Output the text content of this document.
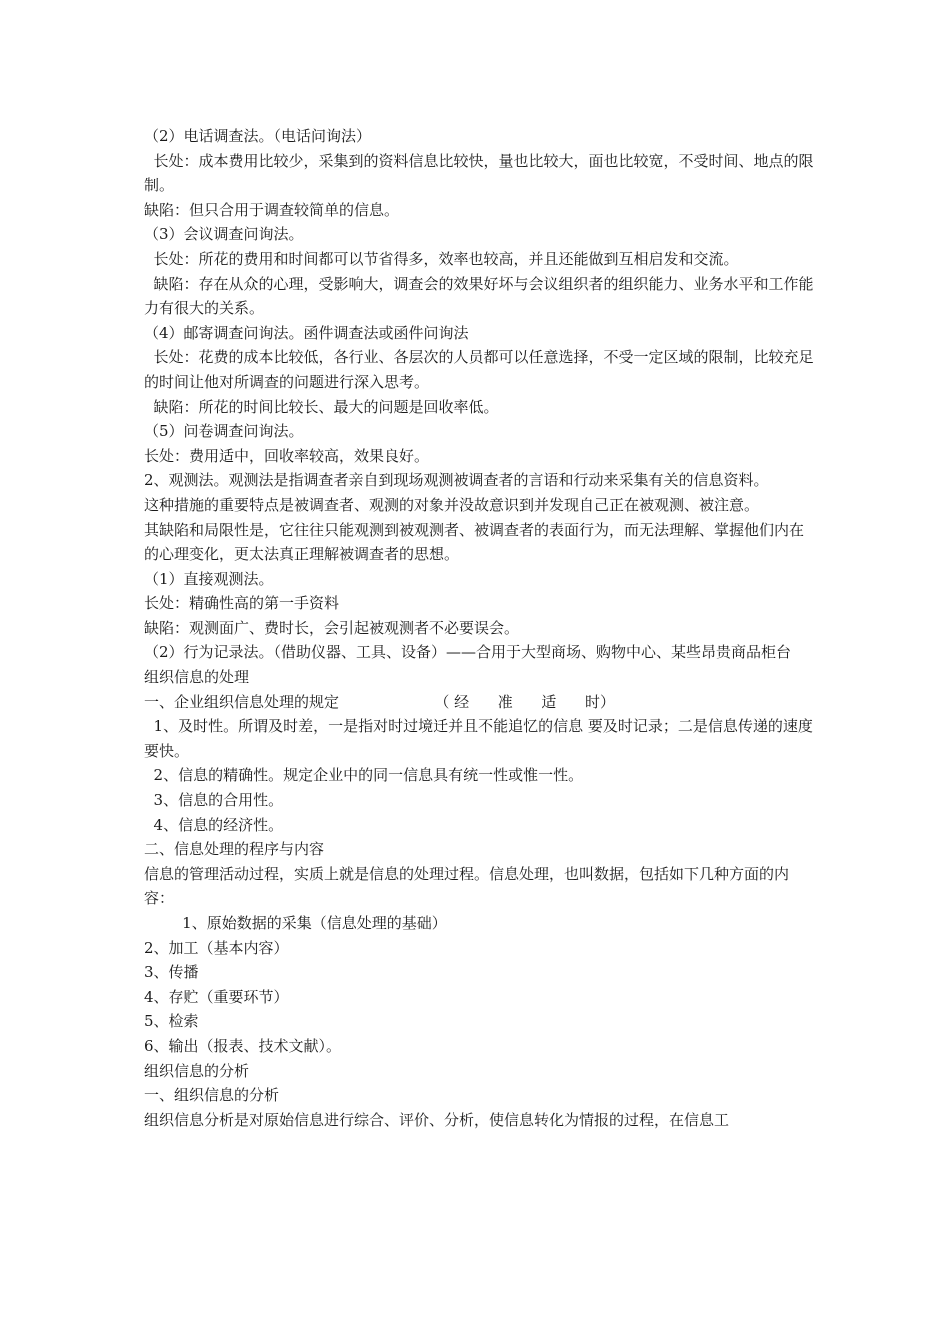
（2）电话调查法。（电话问询法）

长处：成本费用比较少，采集到的资料信息比较快，量也比较大，面也比较宽，不受时间、地点的限制。

缺陷：但只合用于调查较简单的信息。

（3）会议调查问询法。

长处：所花的费用和时间都可以节省得多，效率也较高，并且还能做到互相启发和交流。

缺陷：存在从众的心理，受影响大，调查会的效果好坏与会议组织者的组织能力、业务水平和工作能力有很大的关系。

（4）邮寄调查问询法。函件调查法或函件问询法

长处：花费的成本比较低，各行业、各层次的人员都可以任意选择，不受一定区域的限制，比较充足的时间让他对所调查的问题进行深入思考。

缺陷：所花的时间比较长、最大的问题是回收率低。

（5）问卷调查问询法。

长处：费用适中，回收率较高，效果良好。

2、观测法。观测法是指调查者亲自到现场观测被调查者的言语和行动来采集有关的信息资料。

这种措施的重要特点是被调查者、观测的对象并没故意识到并发现自己正在被观测、被注意。

其缺陷和局限性是，它往往只能观测到被观测者、被调查者的表面行为，而无法理解、掌握他们内在的心理变化，更太法真正理解被调查者的思想。

（1）直接观测法。

长处：精确性高的第一手资料

缺陷：观测面广、费时长，会引起被观测者不必要误会。

（2）行为记录法。（借助仪器、工具、设备）——合用于大型商场、购物中心、某些昂贵商品柜台

组织信息的处理

一、企业组织信息处理的规定                    （ 经      准      适      时）

1、及时性。所谓及时差，一是指对时过境迁并且不能追忆的信息 要及时记录；二是信息传递的速度要快。

2、信息的精确性。规定企业中的同一信息具有统一性或惟一性。

3、信息的合用性。

4、信息的经济性。

二、信息处理的程序与内容

信息的管理活动过程，实质上就是信息的处理过程。信息处理，也叫数据，包括如下几种方面的内容：

1、原始数据的采集（信息处理的基础）

2、加工（基本内容）

3、传播

4、存贮（重要环节）

5、检索

6、输出（报表、技术文献）。

组织信息的分析

一、组织信息的分析

组织信息分析是对原始信息进行综合、评价、分析，使信息转化为情报的过程，在信息工
